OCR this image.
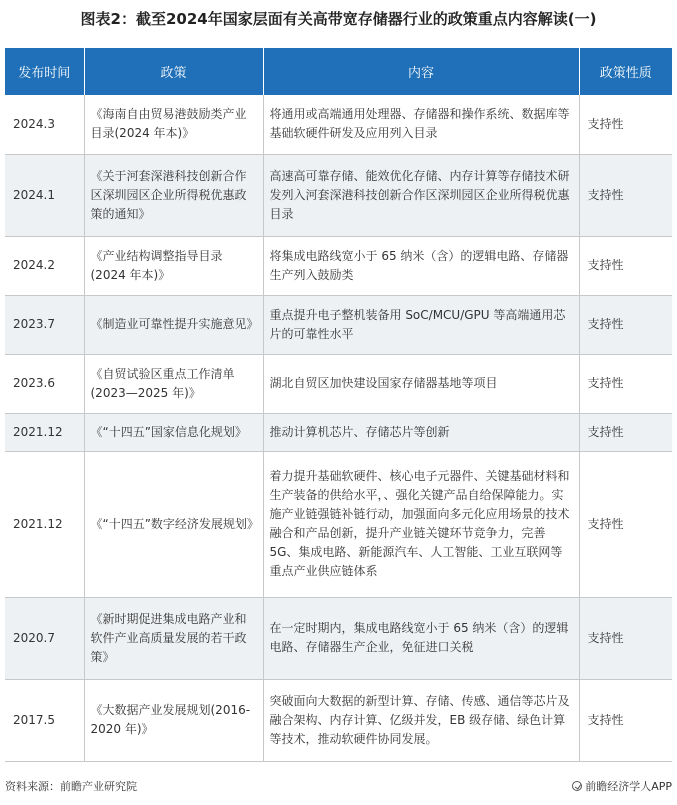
图表2：截至2024年国家层面有关高带宽存储器行业的政策重点内容解读(一)
发布时间	政策	内容	政策性质
2024.3	《海南自由贸易港鼓励类产业目录(2024 年本)》	将通用或高端通用处理器、存储器和操作系统、数据库等基础软硬件研发及应用列入目录	支持性
2024.1	《关于河套深港科技创新合作区深圳园区企业所得税优惠政策的通知》	高速高可靠存储、能效优化存储、内存计算等存储技术研发列入河套深港科技创新合作区深圳园区企业所得税优惠目录	支持性
2024.2	《产业结构调整指导目录(2024 年本)》	将集成电路线宽小于 65 纳米（含）的逻辑电路、存储器生产列入鼓励类	支持性
2023.7	《制造业可靠性提升实施意见》	重点提升电子整机装备用 SoC/MCU/GPU 等高端通用芯片的可靠性水平	支持性
2023.6	《自贸试验区重点工作清单(2023—2025 年)》	湖北自贸区加快建设国家存储器基地等项目	支持性
2021.12	《“十四五”国家信息化规划》	推动计算机芯片、存储芯片等创新	支持性
2021.12	《“十四五”数字经济发展规划》	着力提升基础软硬件、核心电子元器件、关键基础材料和生产装备的供给水平，、强化关键产品自给保障能力。实施产业链强链补链行动，加强面向多元化应用场景的技术融合和产品创新，提升产业链关键环节竞争力，完善5G、集成电路、新能源汽车、人工智能、工业互联网等重点产业供应链体系	支持性
2020.7	《新时期促进集成电路产业和软件产业高质量发展的若干政策》	在一定时期内，集成电路线宽小于 65 纳米（含）的逻辑电路、存储器生产企业，免征进口关税	支持性
2017.5	《大数据产业发展规划(2016-2020 年)》	突破面向大数据的新型计算、存储、传感、通信等芯片及融合架构、内存计算、亿级并发，EB 级存储、绿色计算等技术，推动软硬件协同发展。	支持性
资料来源：前瞻产业研究院	前瞻经济学人APP
